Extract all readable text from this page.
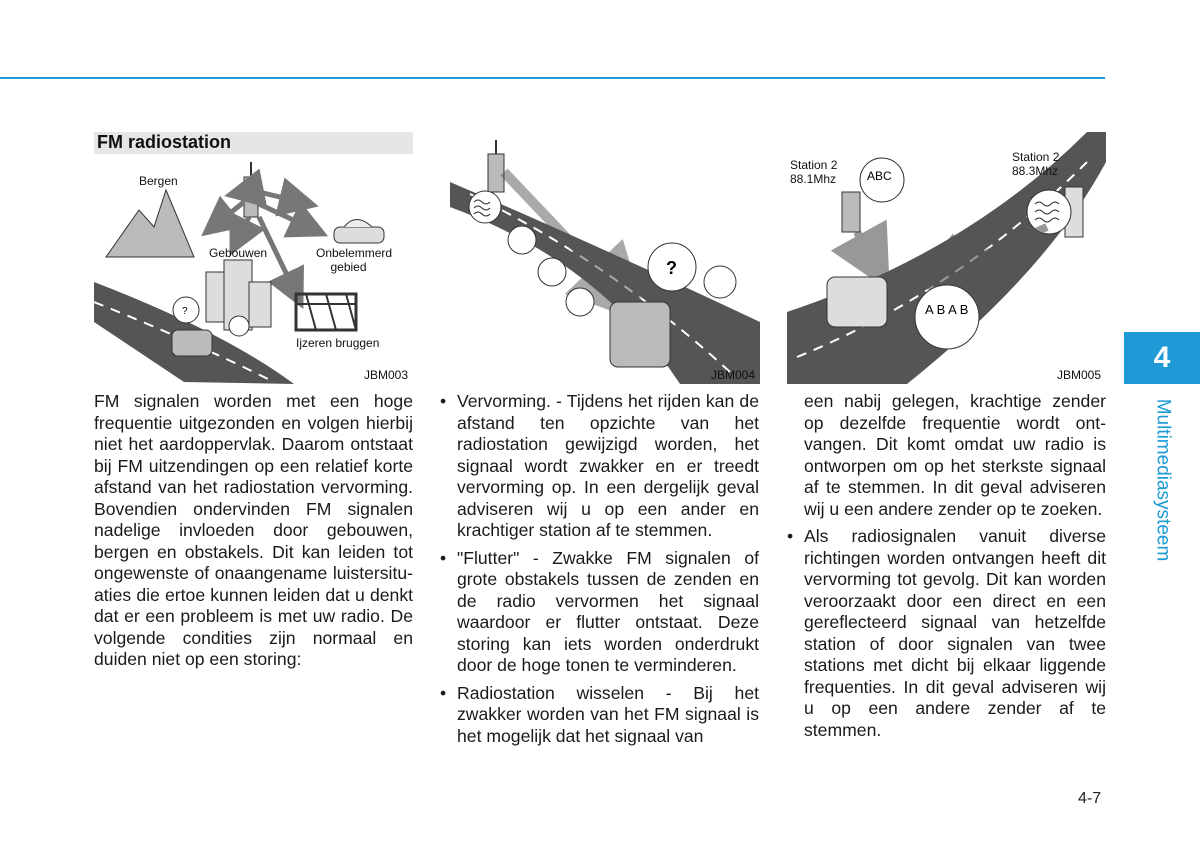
?
FM radiostation
Bergen
Gebouwen	Onbelemmerd gebied
Ijzeren bruggen
JBM003
?
JBM004
ABC
A B A B
Station 2 88.1Mhz
Station 2 88.3Mhz
JBM005

FM signalen worden met een hoge frequentie uitgezonden en volgen hierbij niet het aardoppervlak. Daarom ontstaat bij FM uitzendingen op een relatief korte afstand van het radiostation vervorming. Bovendien ondervinden FM signalen nadelige invloeden door gebouwen, bergen en obstakels. Dit kan leiden tot ongewenste of onaangename luistersituaties die ertoe kunnen leiden dat u denkt dat er een probleem is met uw radio. De volgende condities zijn normaal en duiden niet op een storing:

• Vervorming. - Tijdens het rijden kan de afstand ten opzichte van het radiostation gewijzigd worden, het signaal wordt zwakker en er treedt vervorming op. In een dergelijk geval adviseren wij u op een ander en krachtiger station af te stemmen.
• "Flutter" - Zwakke FM signalen of grote obstakels tussen de zenden en de radio vervormen het signaal waardoor er flutter ontstaat. Deze storing kan iets worden onderdrukt door de hoge tonen te verminderen.
• Radiostation wisselen - Bij het zwakker worden van het FM signaal is het mogelijk dat het signaal van

een nabij gelegen, krachtige zender op dezelfde frequentie wordt ontvangen. Dit komt omdat uw radio is ontworpen om op het sterkste signaal af te stemmen. In dit geval adviseren wij u een andere zender op te zoeken.

• Als radiosignalen vanuit diverse richtingen worden ontvangen heeft dit vervorming tot gevolg. Dit kan worden veroorzaakt door een direct en een gereflecteerd signaal van hetzelfde station of door signalen van twee stations met dicht bij elkaar liggende frequenties. In dit geval adviseren wij u op een andere zender af te stemmen.
4
Multimediasysteem
4-7
